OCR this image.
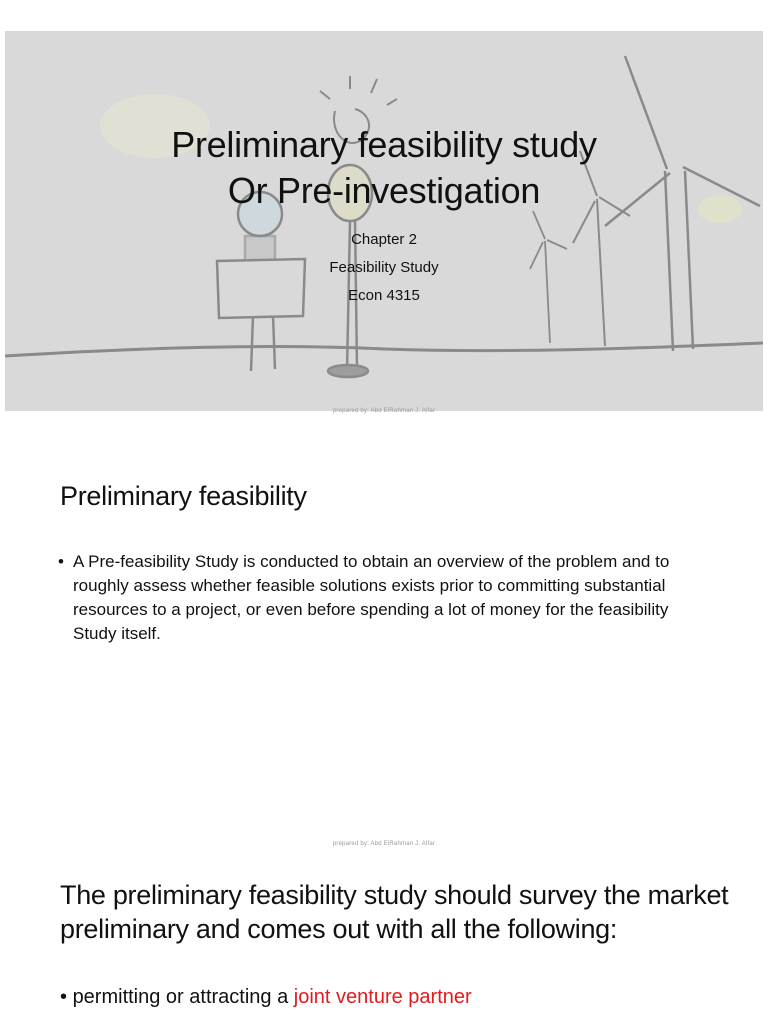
Preliminary feasibility study
Or Pre-investigation
Chapter 2
Feasibility Study
Econ 4315
prepared by: Abd ElRahman J. Alfar
Preliminary feasibility
• A Pre-feasibility Study is conducted to obtain an overview of the problem and to roughly assess whether feasible solutions exists prior to committing substantial resources to a project, or even before spending a lot of money for the feasibility Study itself.
prepared by: Abd ElRahman J. Alfar
The preliminary feasibility study should survey the market preliminary and comes out with all the following:
• permitting or attracting a joint venture partner
